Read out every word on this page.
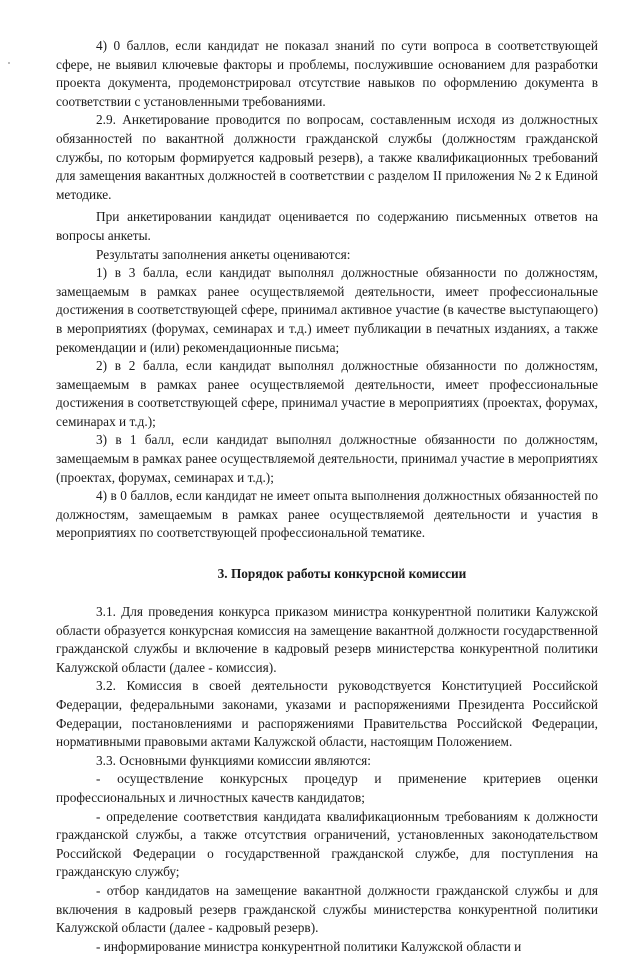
4) 0 баллов, если кандидат не показал знаний по сути вопроса в соответствующей сфере, не выявил ключевые факторы и проблемы, послужившие основанием для разработки проекта документа, продемонстрировал отсутствие навыков по оформлению документа в соответствии с установленными требованиями.

2.9. Анкетирование проводится по вопросам, составленным исходя из должностных обязанностей по вакантной должности гражданской службы (должностям гражданской службы, по которым формируется кадровый резерв), а также квалификационных требований для замещения вакантных должностей в соответствии с разделом II приложения № 2 к Единой методике.

При анкетировании кандидат оценивается по содержанию письменных ответов на вопросы анкеты.

Результаты заполнения анкеты оцениваются:

1) в 3 балла, если кандидат выполнял должностные обязанности по должностям, замещаемым в рамках ранее осуществляемой деятельности, имеет профессиональные достижения в соответствующей сфере, принимал активное участие (в качестве выступающего) в мероприятиях (форумах, семинарах и т.д.) имеет публикации в печатных изданиях, а также рекомендации и (или) рекомендационные письма;

2) в 2 балла, если кандидат выполнял должностные обязанности по должностям, замещаемым в рамках ранее осуществляемой деятельности, имеет профессиональные достижения в соответствующей сфере, принимал участие в мероприятиях (проектах, форумах, семинарах и т.д.);

3) в 1 балл, если кандидат выполнял должностные обязанности по должностям, замещаемым в рамках ранее осуществляемой деятельности, принимал участие в мероприятиях (проектах, форумах, семинарах и т.д.);

4) в 0 баллов, если кандидат не имеет опыта выполнения должностных обязанностей по должностям, замещаемым в рамках ранее осуществляемой деятельности и участия в мероприятиях по соответствующей профессиональной тематике.

3. Порядок работы конкурсной комиссии

3.1. Для проведения конкурса приказом министра конкурентной политики Калужской области образуется конкурсная комиссия на замещение вакантной должности государственной гражданской службы и включение в кадровый резерв министерства конкурентной политики Калужской области (далее - комиссия).

3.2. Комиссия в своей деятельности руководствуется Конституцией Российской Федерации, федеральными законами, указами и распоряжениями Президента Российской Федерации, постановлениями и распоряжениями Правительства Российской Федерации, нормативными правовыми актами Калужской области, настоящим Положением.

3.3. Основными функциями комиссии являются:

- осуществление конкурсных процедур и применение критериев оценки профессиональных и личностных качеств кандидатов;

- определение соответствия кандидата квалификационным требованиям к должности гражданской службы, а также отсутствия ограничений, установленных законодательством Российской Федерации о государственной гражданской службе, для поступления на гражданскую службу;

- отбор кандидатов на замещение вакантной должности гражданской службы и для включения в кадровый резерв гражданской службы министерства конкурентной политики Калужской области (далее - кадровый резерв).

- информирование министра конкурентной политики Калужской области и
